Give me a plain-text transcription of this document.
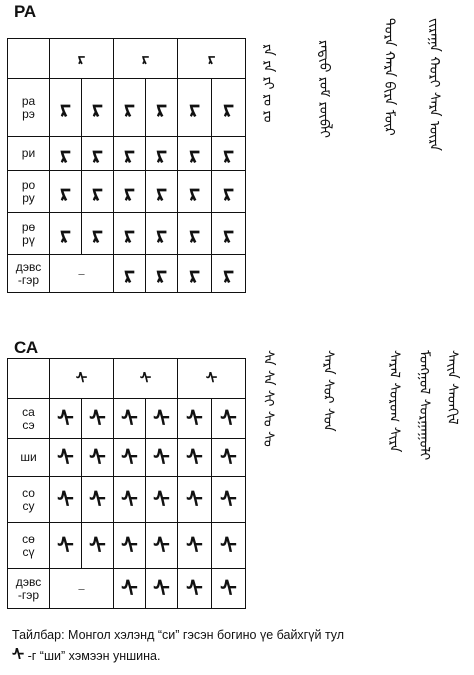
РА
	ᠷ		ᠷ		ᠷ	
ра
рэ	ᠷ	ᠷ	ᠷ	ᠷ	ᠷ	ᠷ
ри	ᠷ	ᠷ	ᠷ	ᠷ	ᠷ	ᠷ
ро
ру	ᠷ	ᠷ	ᠷ	ᠷ	ᠷ	ᠷ
рө
рү	ᠷ	ᠷ	ᠷ	ᠷ	ᠷ	ᠷ
дэвс
-гэр	–		ᠷ	ᠷ	ᠷ	ᠷ
ᠷᠠ ᠷᠡ ᠷᠢ ᠷᠣ ᠷᠤ	ᠷᠠᠳᠢᠣ ᠷᠣᠮ ᠷᠦᠪᠯᠢ	ᠲᠤᠷᠠ ᠬᠠᠷᠠ ᠪᠢᠷᠠ ᠮᠥᠷ ᠵᠢᠷᠠᠭᠠ ᠬᠣᠷᠢ ᠰᠠᠷᠠ ᠦᠷᠡ
СА
	ᠰ		ᠰ		ᠰ	
са
сэ	ᠰ	ᠰ	ᠰ	ᠰ	ᠰ	ᠰ
ши	ᠰ	ᠰ	ᠰ	ᠰ	ᠰ	ᠰ
со
су	ᠰ	ᠰ	ᠰ	ᠰ	ᠰ	ᠰ
сө
сү	ᠰ	ᠰ	ᠰ	ᠰ	ᠰ	ᠰ
дэвс
-гэр	–		ᠰ	ᠰ	ᠰ	ᠰ
ᠰᠠ ᠰᠡ ᠰᠢ ᠰᠣ ᠰᠤ	ᠰᠠᠷᠠ ᠰᠤᠷ ᠰᠣᠨ	ᠰᠠᠷᠠᠯ ᠰᠤᠷᠤᠭ ᠰᠢᠷᠡ ᠮᠣᠩᠭᠣᠯ ᠰᠤᠷᠭᠠᠭᠤᠯᠢ ᠰᠠᠢᠨ ᠰᠡᠳᠬᠢᠯ
Тайлбар: Монгол хэлэнд “си” гэсэн богино үе байхгүй тул
ᠰ -г “ши” хэмээн уншина.
